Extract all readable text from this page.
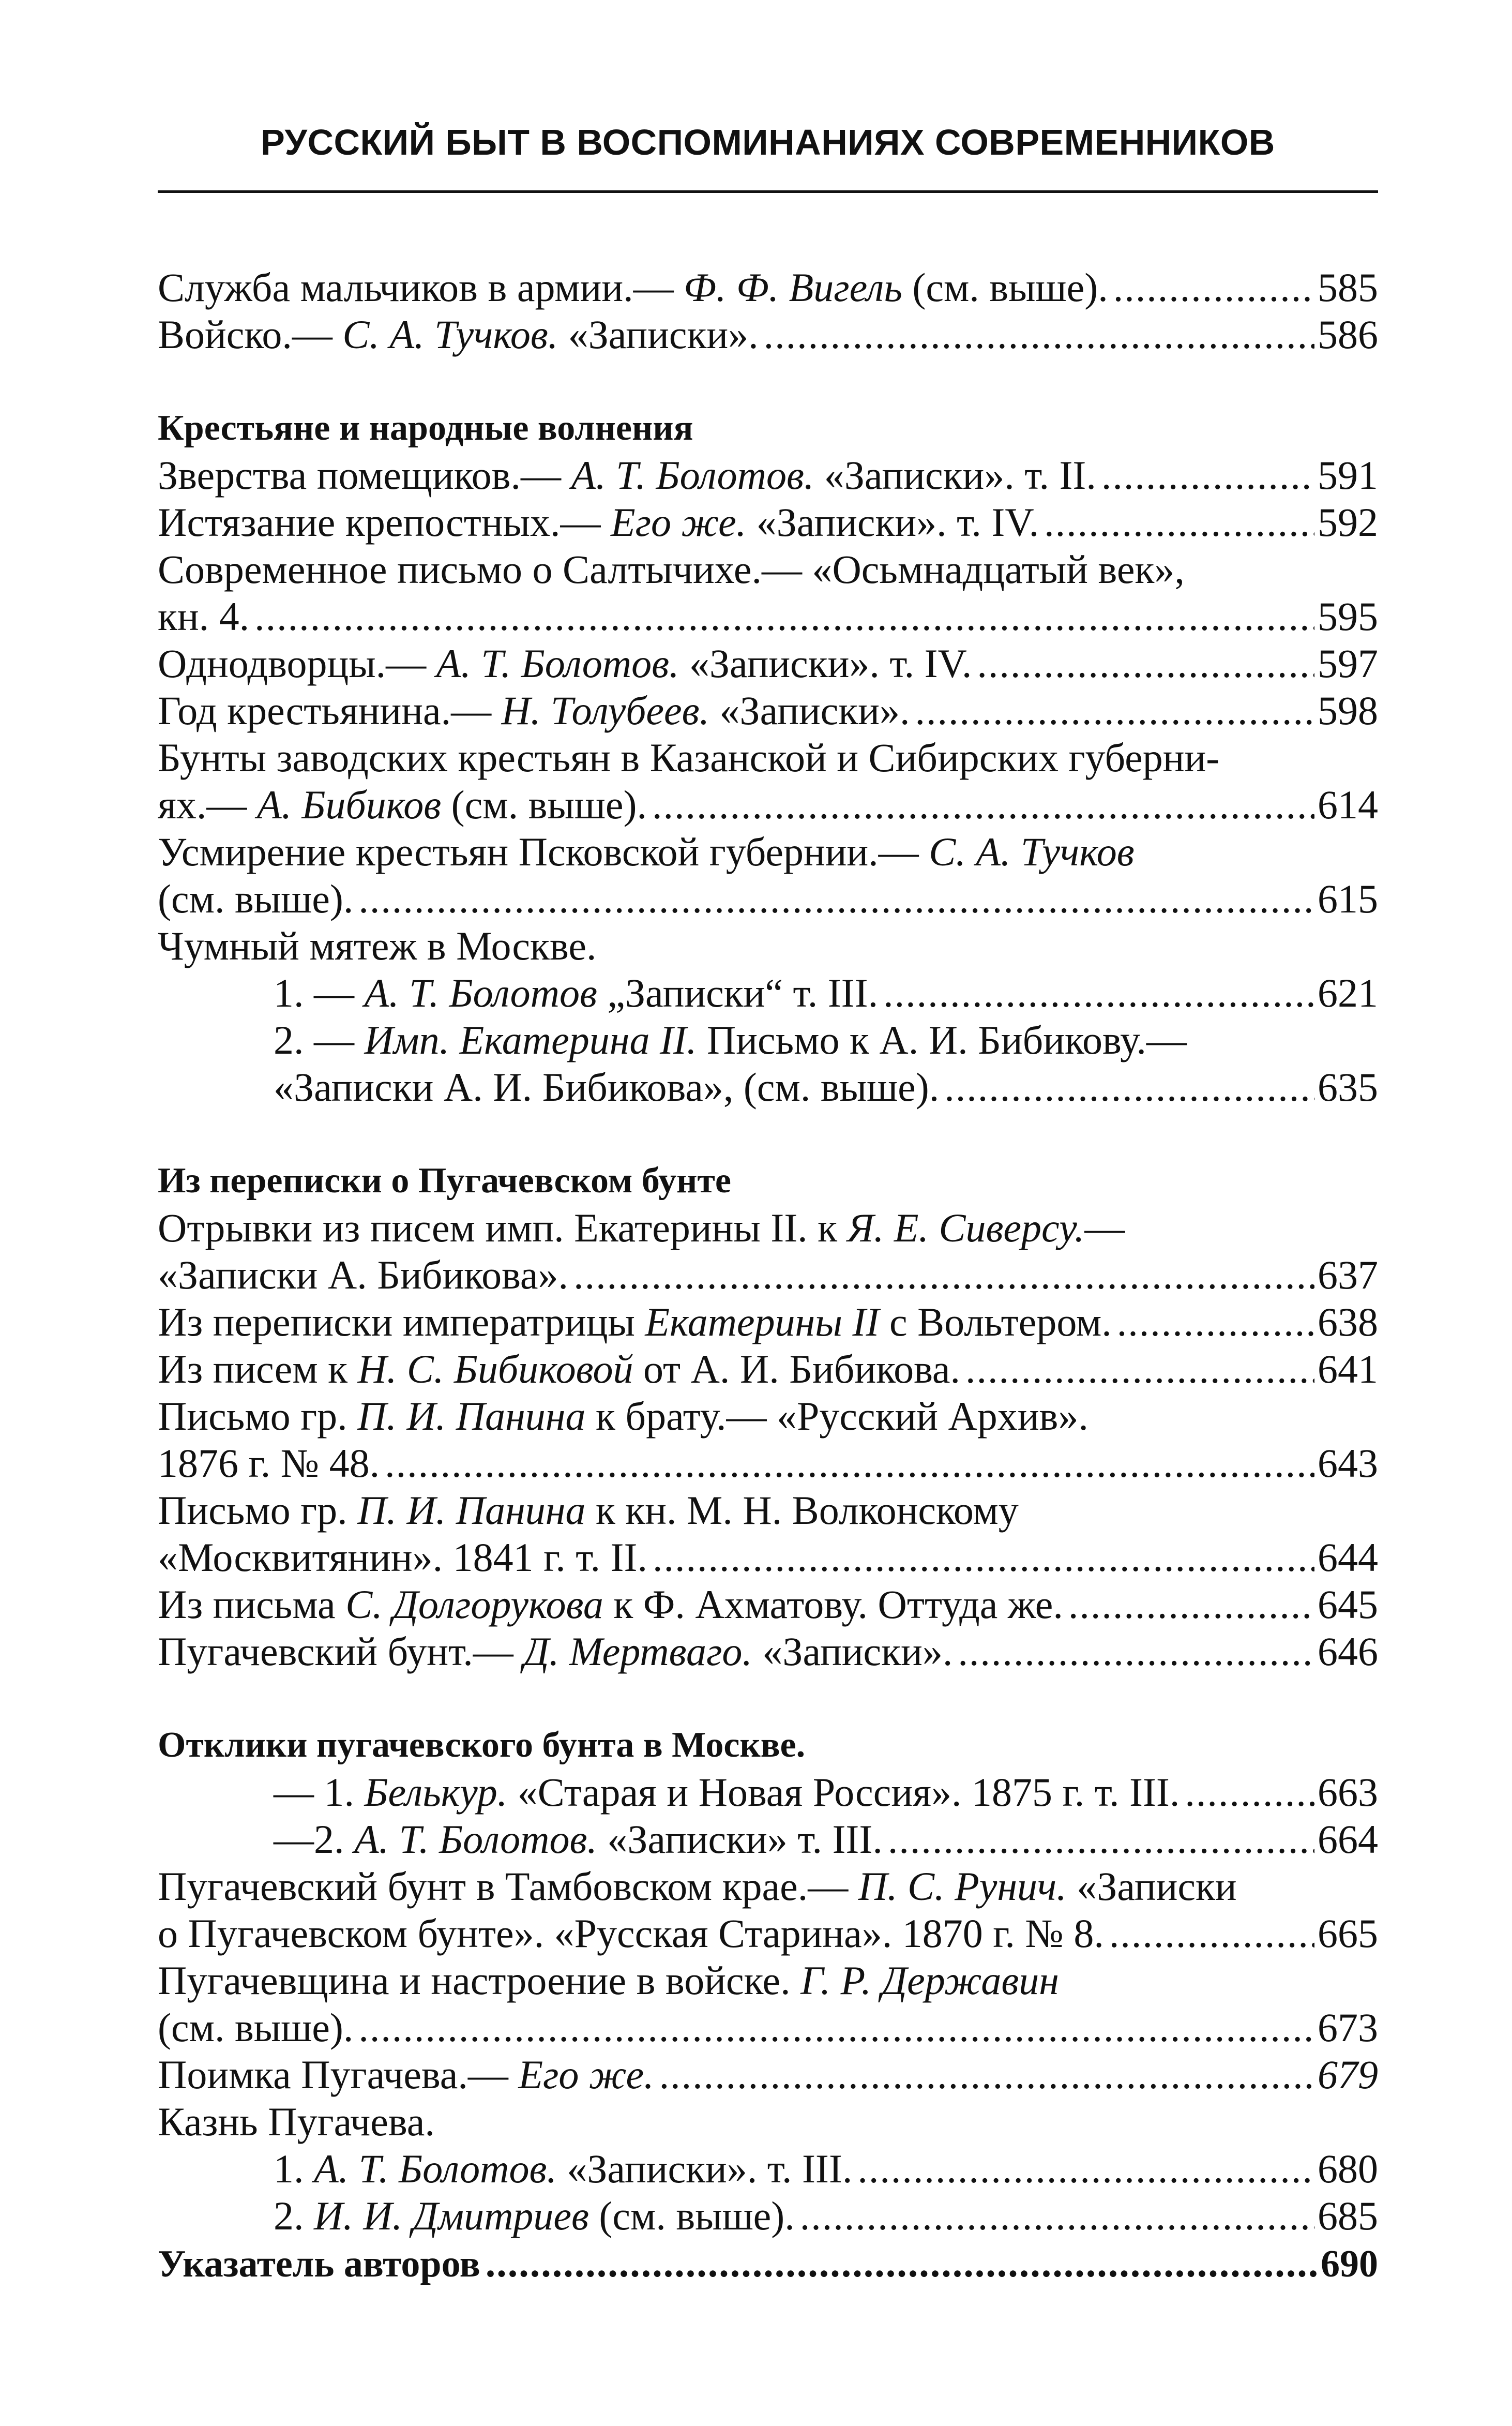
РУССКИЙ БЫТ В ВОСПОМИНАНИЯХ СОВРЕМЕННИКОВ
Служба мальчиков в армии.— Ф. Ф. Вигель (см. выше). .....	585
Войско.— С. А. Тучков. «Записки». .....	586
Крестьяне и народные волнения
Зверства помещиков.— А. Т. Болотов. «Записки». т. II. .....	591
Истязание крепостных.— Его же. «Записки». т. IV. .....	592
Современное письмо о Салтычихе.— «Осьмнадцатый век»,
кн. 4. .....	595
Однодворцы.— А. Т. Болотов. «Записки». т. IV. .....	597
Год крестьянина.— Н. Толубеев. «Записки». .....	598
Бунты заводских крестьян в Казанской и Сибирских губерни-
ях.— А. Бибиков (см. выше). .....	614
Усмирение крестьян Псковской губернии.— С. А. Тучков
(см. выше). .....	615
Чумный мятеж в Москве.
1. — А. Т. Болотов „Записки“ т. III. .....	621
2. — Имп. Екатерина II. Письмо к А. И. Бибикову.—
«Записки А. И. Бибикова», (см. выше). .....	635
Из переписки о Пугачевском бунте
Отрывки из писем имп. Екатерины II. к Я. Е. Сиверсу.—
«Записки А. Бибикова». .....	637
Из переписки императрицы Екатерины II с Вольтером. .....	638
Из писем к Н. С. Бибиковой от А. И. Бибикова. .....	641
Письмо гр. П. И. Панина к брату.— «Русский Архив».
1876 г. № 48. .....	643
Письмо гр. П. И. Панина к кн. М. Н. Волконскому
«Москвитянин». 1841 г. т. II. .....	644
Из письма С. Долгорукова к Ф. Ахматову. Оттуда же. .....	645
Пугачевский бунт.— Д. Мертваго. «Записки». .....	646
Отклики пугачевского бунта в Москве.
— 1. Белькур. «Старая и Новая Россия». 1875 г. т. III. .....	663
—2. А. Т. Болотов. «Записки» т. III. .....	664
Пугачевский бунт в Тамбовском крае.— П. С. Рунич. «Записки
о Пугачевском бунте». «Русская Старина». 1870 г. № 8. .....	665
Пугачевщина и настроение в войске. Г. Р. Державин
(см. выше). .....	673
Поимка Пугачева.— Его же. .....	679
Казнь Пугачева.
1. А. Т. Болотов. «Записки». т. III. .....	680
2. И. И. Дмитриев (см. выше). .....	685
Указатель авторов .....	690
